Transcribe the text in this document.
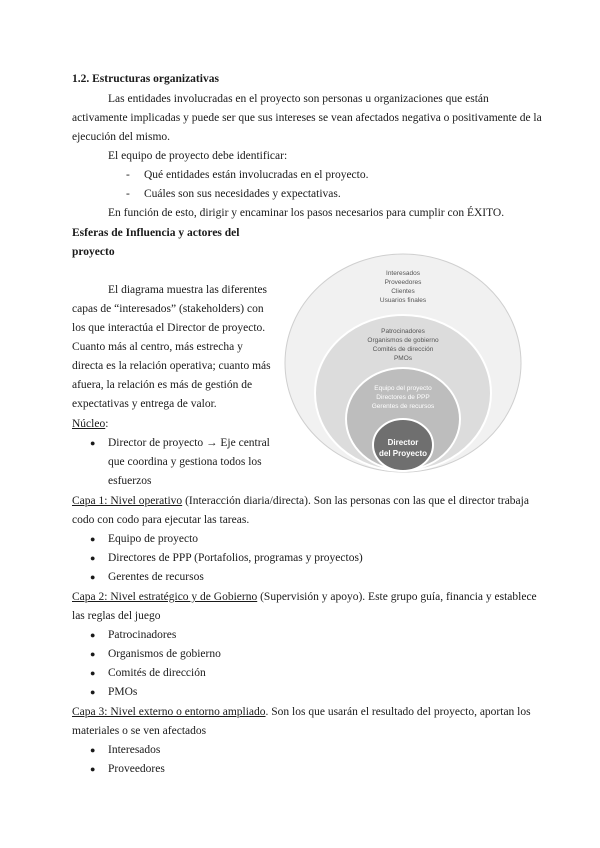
1.2. Estructuras organizativas
Las entidades involucradas en el proyecto son personas u organizaciones que están
activamente implicadas y puede ser que sus intereses se vean afectados negativa o positivamente de la
ejecución del mismo.
El equipo de proyecto debe identificar:
- Qué entidades están involucradas en el proyecto.
- Cuáles son sus necesidades y expectativas.
En función de esto, dirigir y encaminar los pasos necesarios para cumplir con ÉXITO.
Esferas de Influencia y actores del
proyecto
El diagrama muestra las diferentes
capas de “interesados” (stakeholders) con
los que interactúa el Director de proyecto.
Cuanto más al centro, más estrecha y
directa es la relación operativa; cuanto más
afuera, la relación es más de gestión de
expectativas y entrega de valor.
Núcleo:
● Director de proyecto → Eje central
que coordina y gestiona todos los
esfuerzos
Interesados
Proveedores
Clientes
Usuarios finales
Patrocinadores
Organismos de gobierno
Comités de dirección
PMOs
Equipo del proyecto
Directores de PPP
Gerentes de recursos
Director
del Proyecto
Capa 1: Nivel operativo (Interacción diaria/directa). Son las personas con las que el director trabaja
codo con codo para ejecutar las tareas.
● Equipo de proyecto
● Directores de PPP (Portafolios, programas y proyectos)
● Gerentes de recursos
Capa 2: Nivel estratégico y de Gobierno (Supervisión y apoyo). Este grupo guía, financia y establece
las reglas del juego
● Patrocinadores
● Organismos de gobierno
● Comités de dirección
● PMOs
Capa 3: Nivel externo o entorno ampliado. Son los que usarán el resultado del proyecto, aportan los
materiales o se ven afectados
● Interesados
● Proveedores
